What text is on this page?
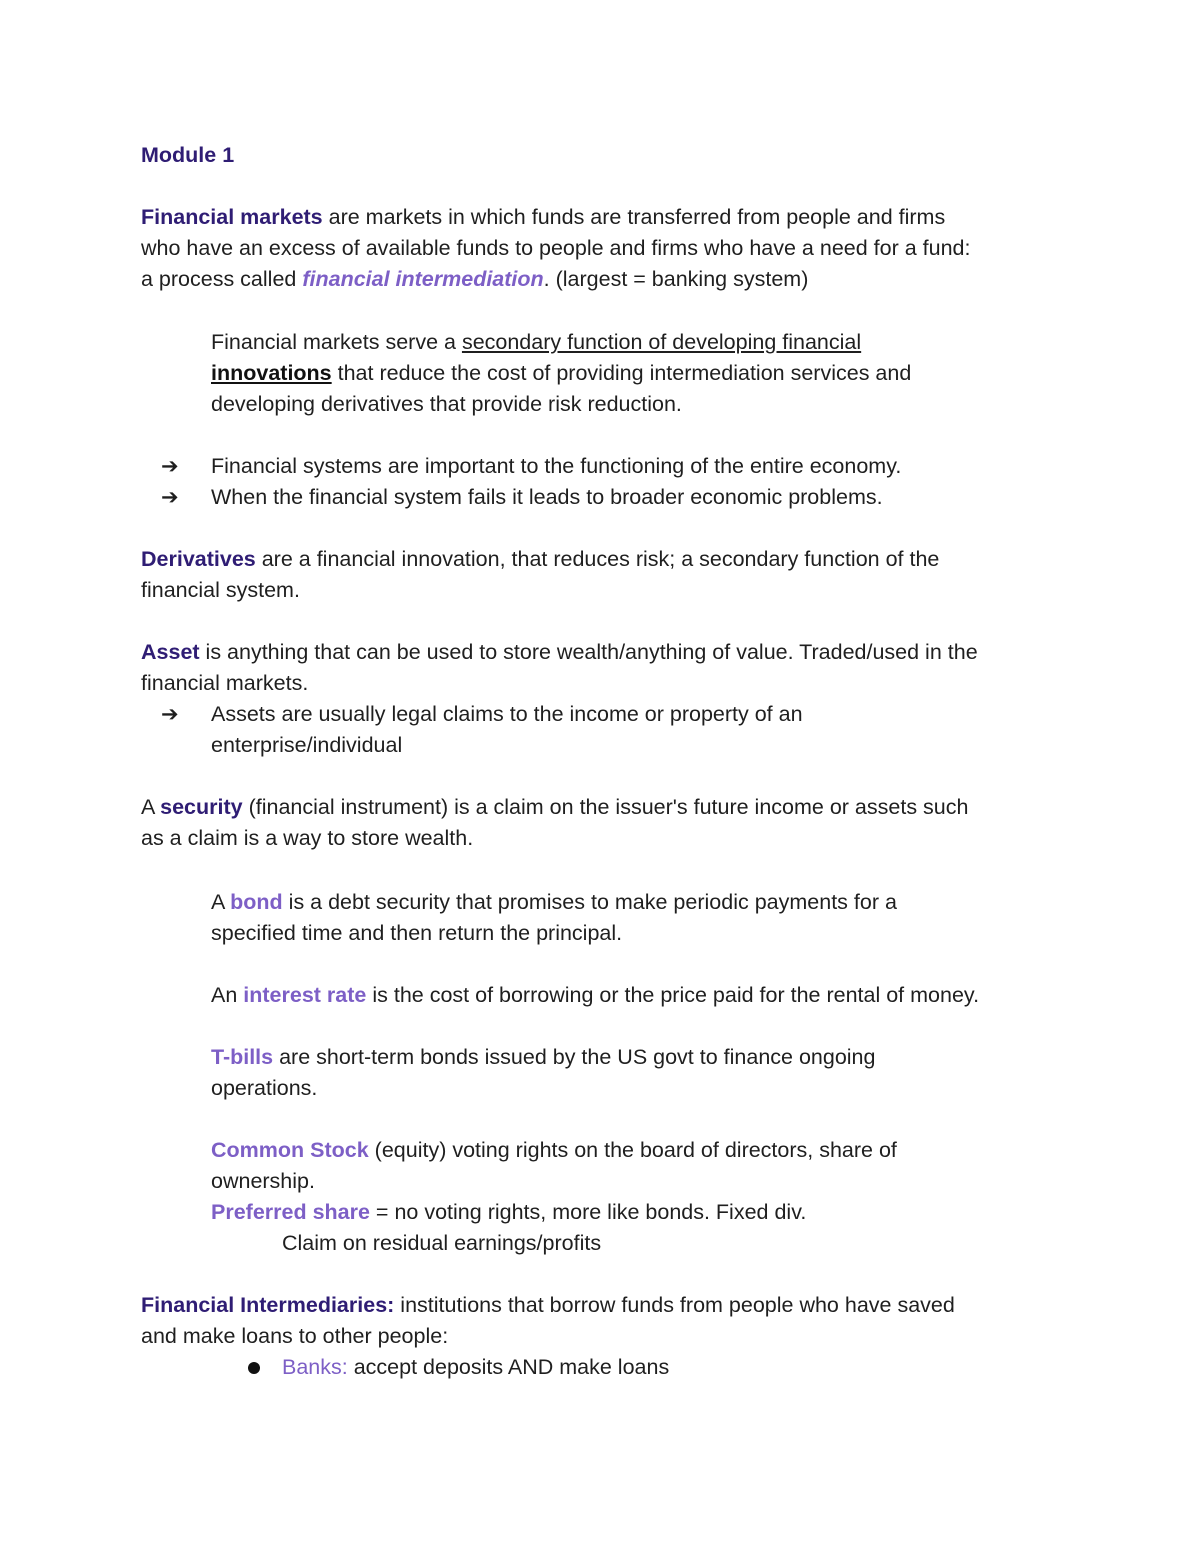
Module 1
Financial markets are markets in which funds are transferred from people and firms
who have an excess of available funds to people and firms who have a need for a fund:
a process called financial intermediation. (largest = banking system)
Financial markets serve a secondary function of developing financial
innovations that reduce the cost of providing intermediation services and
developing derivatives that provide risk reduction.
➔	Financial systems are important to the functioning of the entire economy.
➔	When the financial system fails it leads to broader economic problems.
Derivatives are a financial innovation, that reduces risk; a secondary function of the
financial system.
Asset is anything that can be used to store wealth/anything of value. Traded/used in the
financial markets.
➔	Assets are usually legal claims to the income or property of an
enterprise/individual
A security (financial instrument) is a claim on the issuer's future income or assets such
as a claim is a way to store wealth.
A bond is a debt security that promises to make periodic payments for a
specified time and then return the principal.
An interest rate is the cost of borrowing or the price paid for the rental of money.
T-bills are short-term bonds issued by the US govt to finance ongoing
operations.
Common Stock (equity) voting rights on the board of directors, share of
ownership.
Preferred share = no voting rights, more like bonds. Fixed div.
Claim on residual earnings/profits
Financial Intermediaries: institutions that borrow funds from people who have saved
and make loans to other people:
Banks: accept deposits AND make loans
